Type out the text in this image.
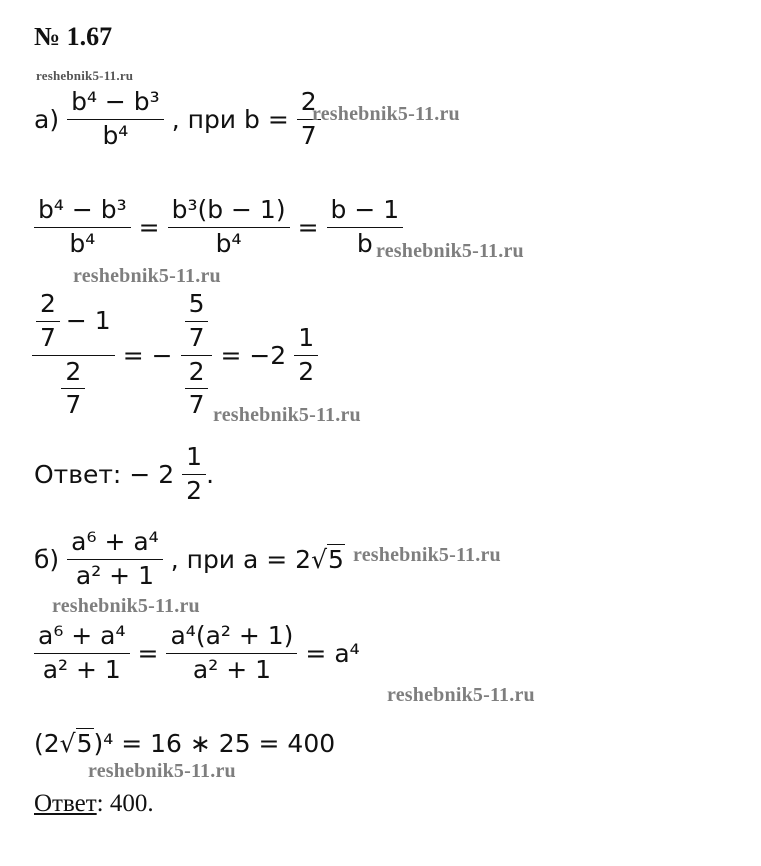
№ 1.67
reshebnik5-11.ru
$а) \frac{\text{b⁴ − b³}}{\text{b⁴}}$ , при $b = \frac{2}{7}$
reshebnik5-11.ru
$\frac{\text{b⁴ − b³}}{\text{b⁴}} = \frac{\text{b³(b − 1)}}{\text{b⁴}} = \frac{b - 1}{b}$
reshebnik5-11.ru
reshebnik5-11.ru
$\frac{\frac{2}{7} - 1}{\frac{2}{7}}$ = − $\frac{\frac{5}{7}}{\frac{2}{7}} = -2 \frac{1}{2}$
reshebnik5-11.ru
Ответ: − $2 \frac{1}{2}$ .
$б) \frac{\text{a⁶ + a⁴}}{\text{a² + 1}}$ , при a = 2√5 reshebnik5-11.ru
reshebnik5-11.ru
$\frac{\text{a⁶ + a⁴}}{\text{a² + 1}} = \frac{\text{a⁴(a² + 1)}}{\text{a² + 1}} = a^4$
reshebnik5-11.ru
(2√5)⁴ = 16 ∗ 25 = 400
reshebnik5-11.ru
Ответ: 400.
